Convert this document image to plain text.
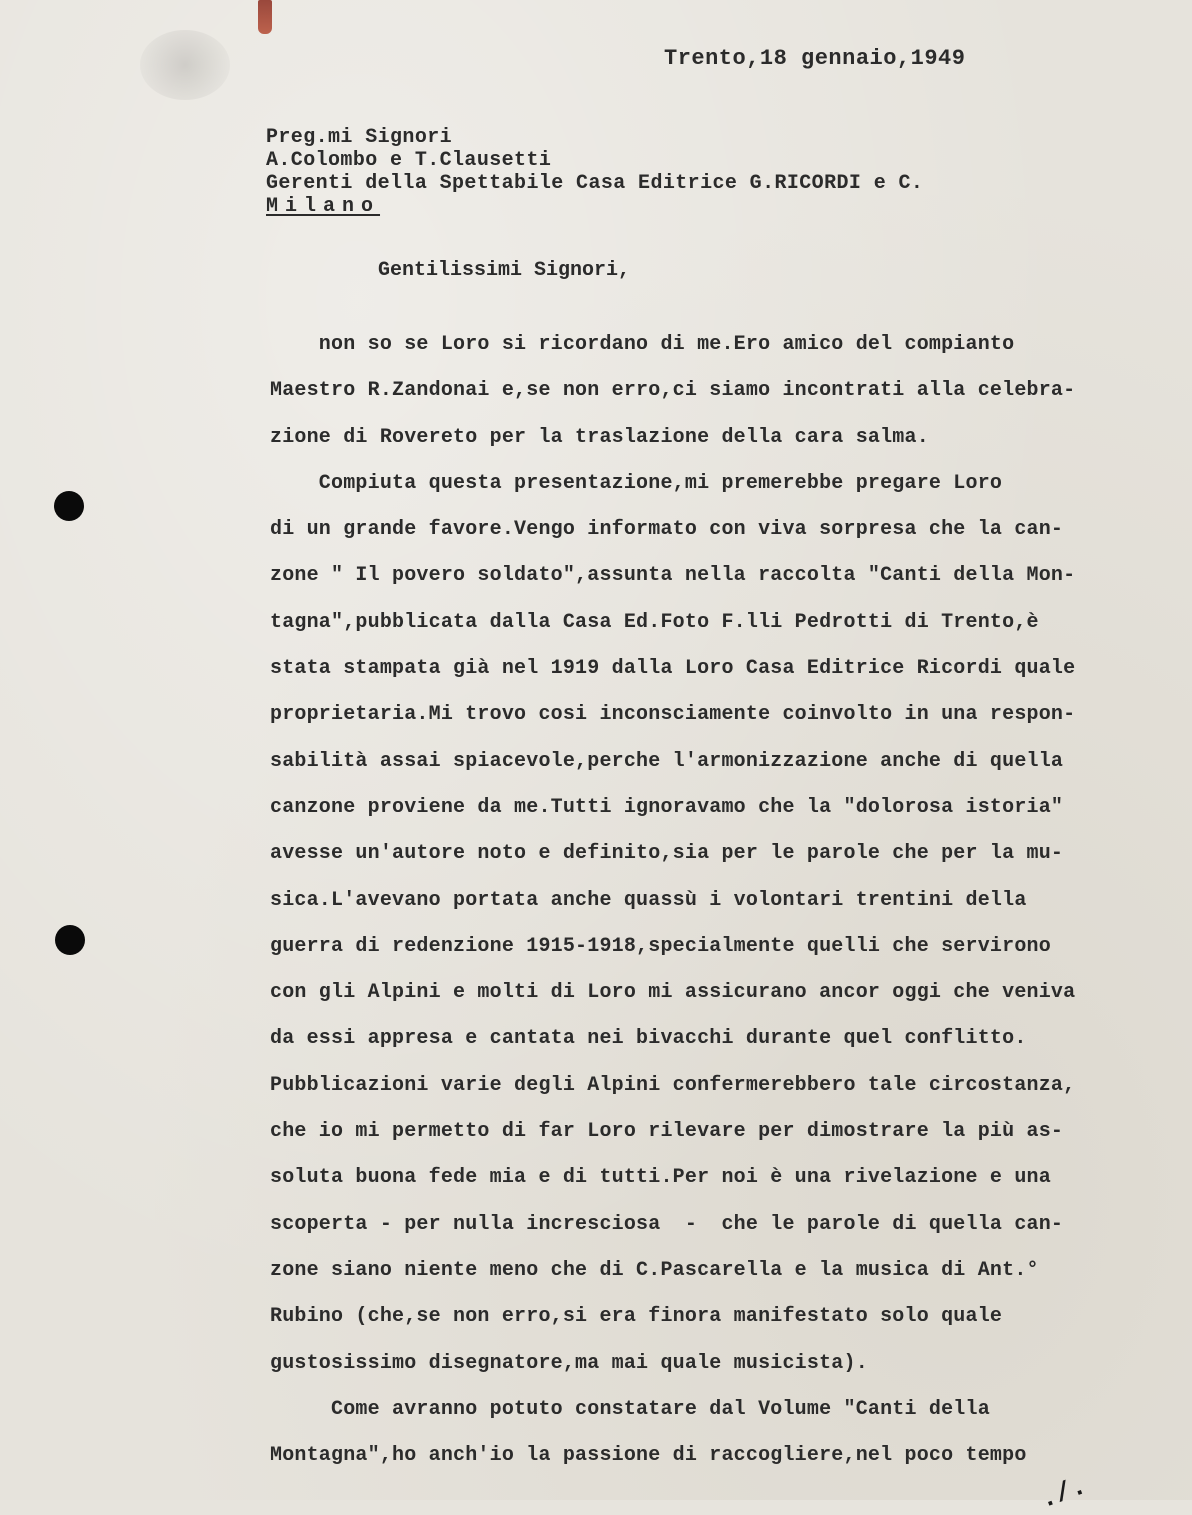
Trento,18 gennaio,1949
Preg.mi Signori
A.Colombo e T.Clausetti
Gerenti della Spettabile Casa Editrice G.RICORDI e C.
Milano
Gentilissimi Signori,
non so se Loro si ricordano di me.Ero amico del compianto
Maestro R.Zandonai e,se non erro,ci siamo incontrati alla celebra-
zione di Rovereto per la traslazione della cara salma.
Compiuta questa presentazione,mi premerebbe pregare Loro
di un grande favore.Vengo informato con viva sorpresa che la can-
zone " Il povero soldato",assunta nella raccolta "Canti della Mon-
tagna",pubblicata dalla Casa Ed.Foto F.lli Pedrotti di Trento,è
stata stampata già nel 1919 dalla Loro Casa Editrice Ricordi quale
proprietaria.Mi trovo cosi inconsciamente coinvolto in una respon-
sabilità assai spiacevole,perche l'armonizzazione anche di quella
canzone proviene da me.Tutti ignoravamo che la "dolorosa istoria"
avesse un'autore noto e definito,sia per le parole che per la mu-
sica.L'avevano portata anche quassù i volontari trentini della
guerra di redenzione 1915-1918,specialmente quelli che servirono
con gli Alpini e molti di Loro mi assicurano ancor oggi che veniva
da essi appresa e cantata nei bivacchi durante quel conflitto.
Pubblicazioni varie degli Alpini confermerebbero tale circostanza,
che io mi permetto di far Loro rilevare per dimostrare la più as-
soluta buona fede mia e di tutti.Per noi è una rivelazione e una
scoperta - per nulla incresciosa  -  che le parole di quella can-
zone siano niente meno che di C.Pascarella e la musica di Ant.°
Rubino (che,se non erro,si era finora manifestato solo quale
gustosissimo disegnatore,ma mai quale musicista).
Come avranno potuto constatare dal Volume "Canti della
Montagna",ho anch'io la passione di raccogliere,nel poco tempo
./.
